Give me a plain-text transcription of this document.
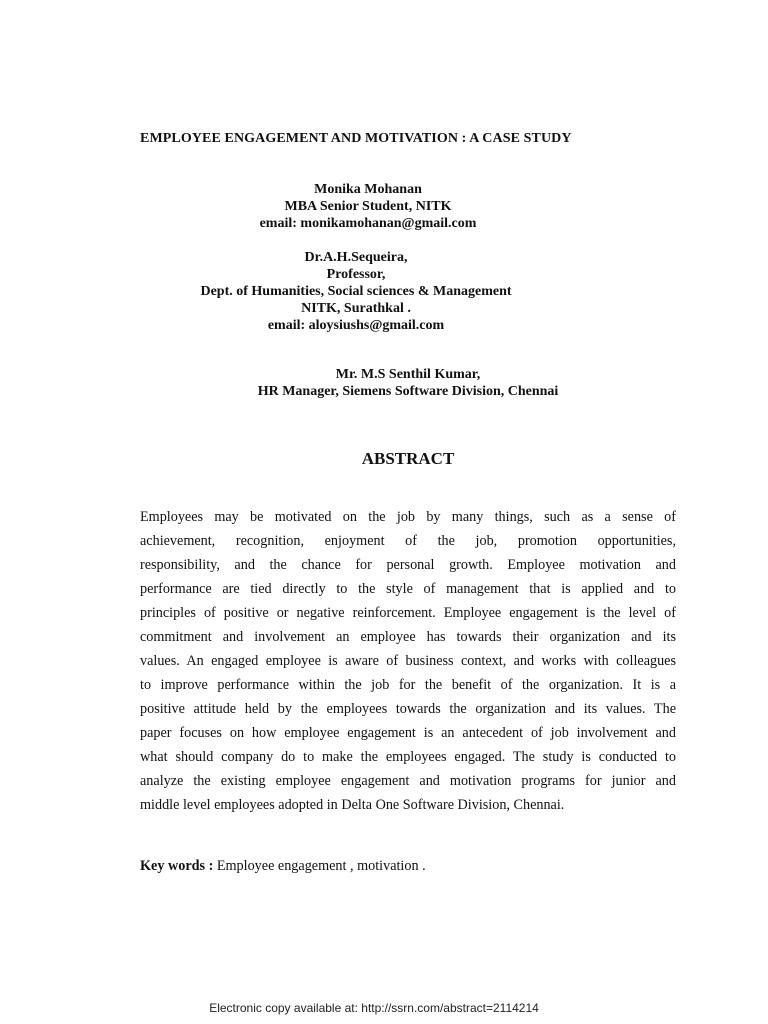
EMPLOYEE ENGAGEMENT AND MOTIVATION : A CASE STUDY
Monika Mohanan
MBA Senior Student, NITK
email: monikamohanan@gmail.com
Dr.A.H.Sequeira,
Professor,
Dept. of Humanities, Social sciences & Management
NITK, Surathkal .
email: aloysiushs@gmail.com
Mr. M.S Senthil Kumar,
HR Manager, Siemens Software Division, Chennai
ABSTRACT
Employees may be motivated on the job by many things, such as a sense of
achievement, recognition, enjoyment of the job, promotion opportunities,
responsibility, and the chance for personal growth. Employee motivation and
performance are tied directly to the style of management that is applied and to
principles of positive or negative reinforcement. Employee engagement is the level of
commitment and involvement an employee has towards their organization and its
values. An engaged employee is aware of business context, and works with colleagues
to improve performance within the job for the benefit of the organization. It is a
positive attitude held by the employees towards the organization and its values. The
paper focuses on how employee engagement is an antecedent of job involvement and
what should company do to make the employees engaged. The study is conducted to
analyze the existing employee engagement and motivation programs for junior and
middle level employees adopted in Delta One Software Division, Chennai.
Key words : Employee engagement , motivation .
Electronic copy available at: http://ssrn.com/abstract=2114214
